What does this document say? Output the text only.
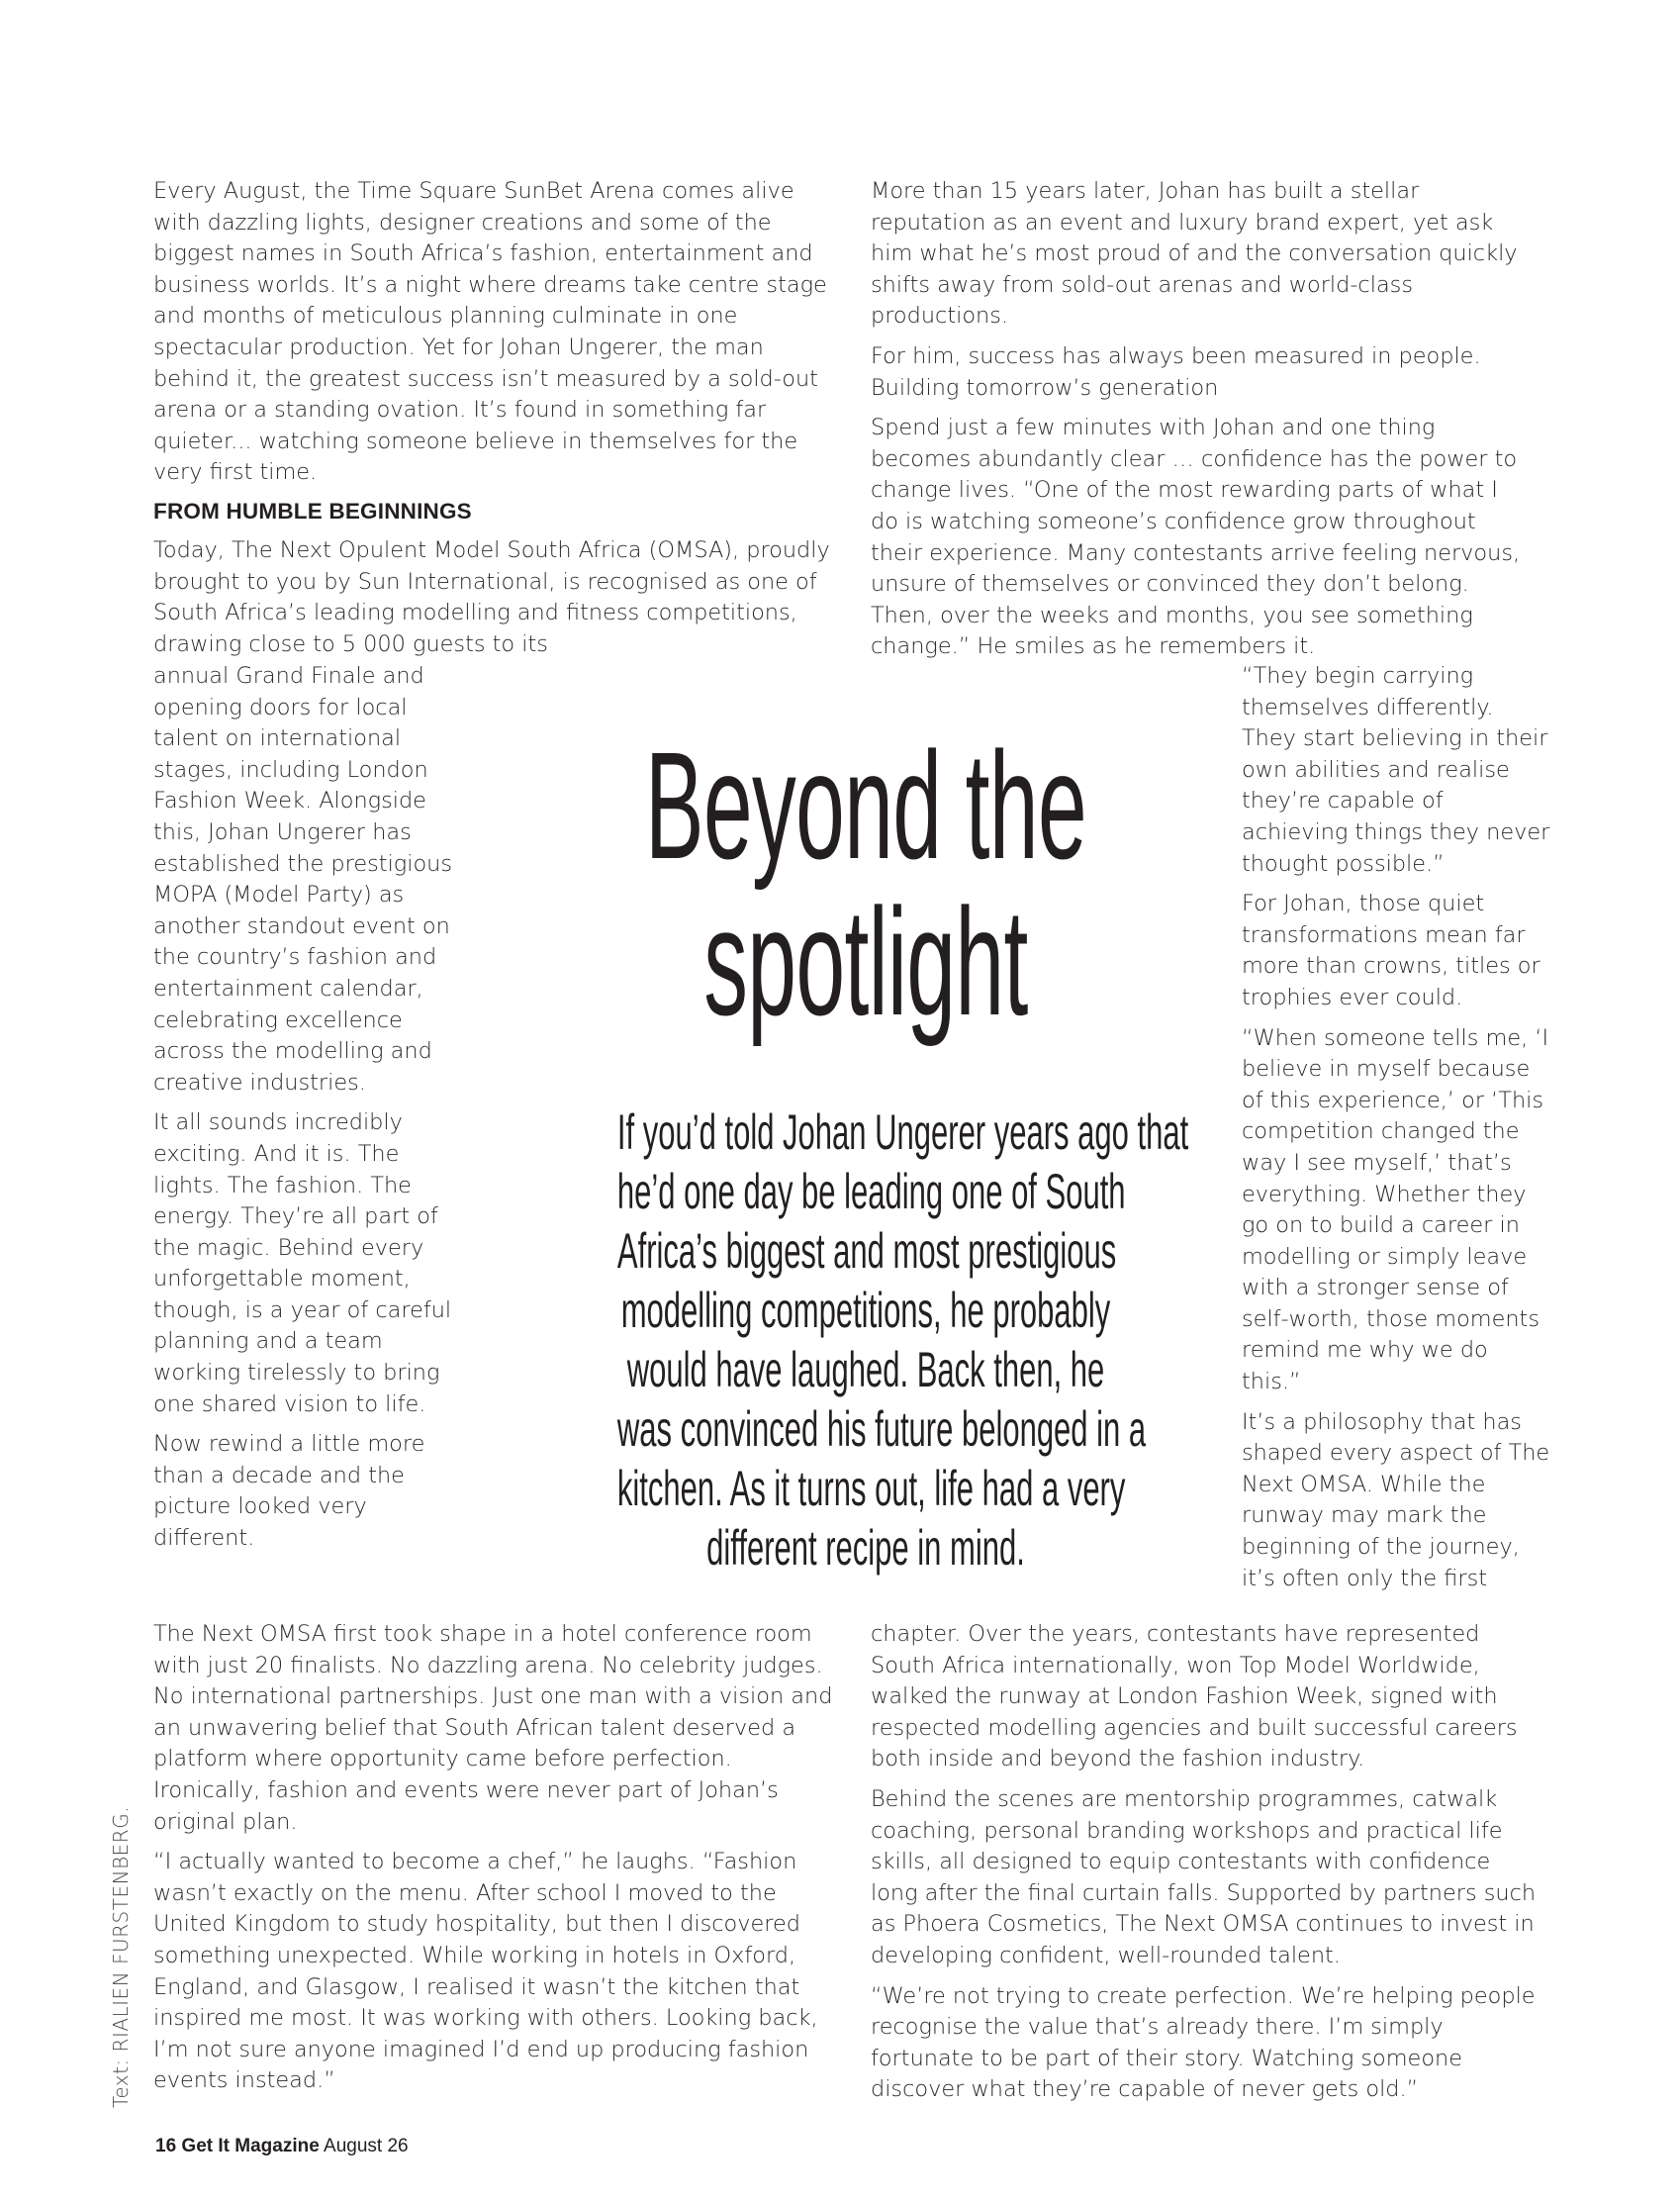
Every August, the Time Square SunBet Arena comes alive with dazzling lights, designer creations and some of the biggest names in South Africa’s fashion, entertainment and business worlds. It’s a night where dreams take centre stage and months of meticulous planning culminate in one spectacular production. Yet for Johan Ungerer, the man behind it, the greatest success isn’t measured by a sold-out arena or a standing ovation. It’s found in something far quieter... watching someone believe in themselves for the very first time.

FROM HUMBLE BEGINNINGS

Today, The Next Opulent Model South Africa (OMSA), proudly brought to you by Sun International, is recognised as one of South Africa’s leading modelling and fitness competitions, drawing close to 5 000 guests to its

annual Grand Finale and opening doors for local talent on international stages, including London Fashion Week. Alongside this, Johan Ungerer has established the prestigious MOPA (Model Party) as another standout event on the country’s fashion and entertainment calendar, celebrating excellence across the modelling and creative industries.

It all sounds incredibly exciting. And it is. The lights. The fashion. The energy. They’re all part of the magic. Behind every unforgettable moment, though, is a year of careful planning and a team working tirelessly to bring one shared vision to life.

Now rewind a little more than a decade and the picture looked very different.

The Next OMSA first took shape in a hotel conference room with just 20 finalists. No dazzling arena. No celebrity judges. No international partnerships. Just one man with a vision and an unwavering belief that South African talent deserved a platform where opportunity came before perfection. Ironically, fashion and events were never part of Johan’s original plan.

“I actually wanted to become a chef,” he laughs. “Fashion wasn’t exactly on the menu. After school I moved to the United Kingdom to study hospitality, but then I discovered something unexpected. While working in hotels in Oxford, England, and Glasgow, I realised it wasn’t the kitchen that inspired me most. It was working with others. Looking back, I’m not sure anyone imagined I’d end up producing fashion events instead.”

More than 15 years later, Johan has built a stellar reputation as an event and luxury brand expert, yet ask him what he’s most proud of and the conversation quickly shifts away from sold-out arenas and world-class productions.

For him, success has always been measured in people. Building tomorrow’s generation

Spend just a few minutes with Johan and one thing becomes abundantly clear … confidence has the power to change lives. “One of the most rewarding parts of what I do is watching someone’s confidence grow throughout their experience. Many contestants arrive feeling nervous, unsure of themselves or convinced they don’t belong. Then, over the weeks and months, you see something change.” He smiles as he remembers it.

“They begin carrying themselves differently. They start believing in their own abilities and realise they’re capable of achieving things they never thought possible.”

For Johan, those quiet transformations mean far more than crowns, titles or trophies ever could.

“When someone tells me, ‘I believe in myself because of this experience,’ or ‘This competition changed the way I see myself,’ that’s everything. Whether they go on to build a career in modelling or simply leave with a stronger sense of self-worth, those moments remind me why we do this.”

It’s a philosophy that has shaped every aspect of The Next OMSA. While the runway may mark the beginning of the journey, it’s often only the first

chapter. Over the years, contestants have represented South Africa internationally, won Top Model Worldwide, walked the runway at London Fashion Week, signed with respected modelling agencies and built successful careers both inside and beyond the fashion industry.

Behind the scenes are mentorship programmes, catwalk coaching, personal branding workshops and practical life skills, all designed to equip contestants with confidence long after the final curtain falls. Supported by partners such as Phoera Cosmetics, The Next OMSA continues to invest in developing confident, well-rounded talent.

“We’re not trying to create perfection. We’re helping people recognise the value that’s already there. I’m simply fortunate to be part of their story. Watching someone discover what they’re capable of never gets old.”

Beyond the
spotlight
If you’d told Johan Ungerer years ago that
he’d one day be leading one of South
Africa’s biggest and most prestigious
modelling competitions, he probably
would have laughed. Back then, he
was convinced his future belonged in a
kitchen. As it turns out, life had a very
different recipe in mind.
Text: RIALIEN FURSTENBERG.
16 Get It Magazine August 26
